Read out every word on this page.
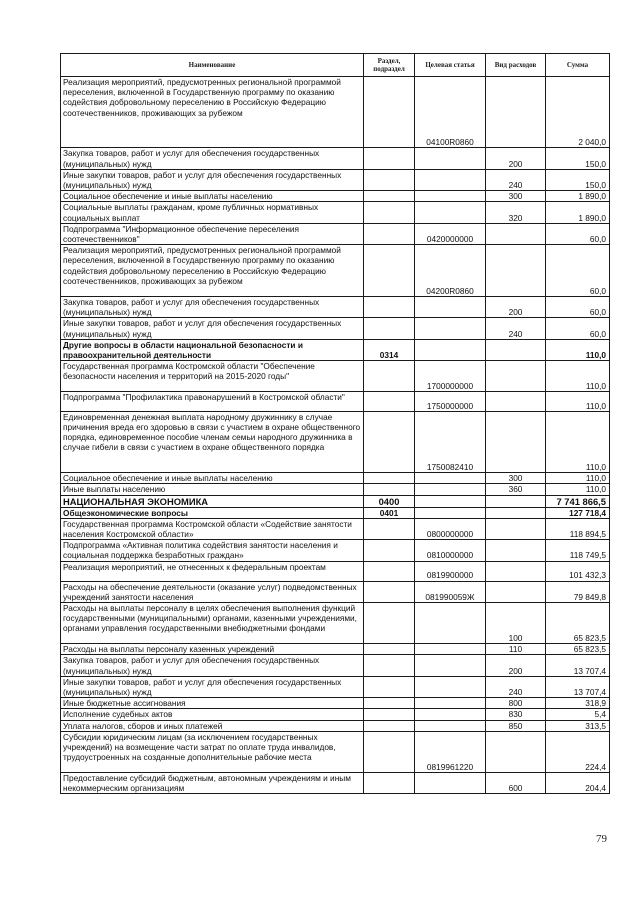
Наименование	Раздел, подраздел	Целевая статья	Вид расходов	Сумма
Реализация мероприятий, предусмотренных региональной программой переселения, включенной в Государственную программу по оказанию содействия добровольному переселению в Российскую Федерацию соотечественников, проживающих за рубежом		04100R0860		2 040,0
Закупка товаров, работ и услуг для обеспечения государственных (муниципальных) нужд			200	150,0
Иные закупки товаров, работ и услуг для обеспечения государственных (муниципальных) нужд			240	150,0
Социальное обеспечение и иные выплаты населению			300	1 890,0
Социальные выплаты гражданам, кроме публичных нормативных социальных выплат			320	1 890,0
Подпрограмма "Информационное обеспечение переселения соотечественников"		0420000000		60,0
Реализация мероприятий, предусмотренных региональной программой переселения, включенной в Государственную программу по оказанию содействия добровольному переселению в Российскую Федерацию соотечественников, проживающих за рубежом		04200R0860		60,0
Закупка товаров, работ и услуг для обеспечения государственных (муниципальных) нужд			200	60,0
Иные закупки товаров, работ и услуг для обеспечения государственных (муниципальных) нужд			240	60,0
Другие вопросы в области национальной безопасности и правоохранительной деятельности	0314			110,0
Государственная программа Костромской области "Обеспечение безопасности населения и территорий на 2015-2020 годы"		1700000000		110,0
Подпрограмма "Профилактика правонарушений в Костромской области"		1750000000		110,0
Единовременная денежная выплата народному дружиннику в случае причинения вреда его здоровью в связи с участием в охране общественного порядка, единовременное пособие членам семьи народного дружинника в случае гибели в связи с участием в охране общественного порядка		1750082410		110,0
Социальное обеспечение и иные выплаты населению			300	110,0
Иные выплаты населению			360	110,0
НАЦИОНАЛЬНАЯ ЭКОНОМИКА	0400			7 741 866,5
Общеэкономические вопросы	0401			127 718,4
Государственная программа Костромской области «Содействие занятости населения Костромской области»		0800000000		118 894,5
Подпрограмма «Активная политика содействия занятости населения и социальная поддержка безработных граждан»		0810000000		118 749,5
Реализация мероприятий, не отнесенных к федеральным проектам		0819900000		101 432,3
Расходы на обеспечение деятельности (оказание услуг) подведомственных учреждений занятости населения		081990059Ж		79 849,8
Расходы на выплаты персоналу в целях обеспечения выполнения функций государственными (муниципальными) органами, казенными учреждениями, органами управления государственными внебюджетными фондами			100	65 823,5
Расходы на выплаты персоналу казенных учреждений			110	65 823,5
Закупка товаров, работ и услуг для обеспечения государственных (муниципальных) нужд			200	13 707,4
Иные закупки товаров, работ и услуг для обеспечения государственных (муниципальных) нужд			240	13 707,4
Иные бюджетные ассигнования			800	318,9
Исполнение судебных актов			830	5,4
Уплата налогов, сборов и иных платежей			850	313,5
Субсидии юридическим лицам (за исключением государственных учреждений) на возмещение части затрат по оплате труда инвалидов, трудоустроенных на созданные дополнительные рабочие места		0819961220		224,4
Предоставление субсидий бюджетным, автономным учреждениям и иным некоммерческим организациям			600	204,4
79
